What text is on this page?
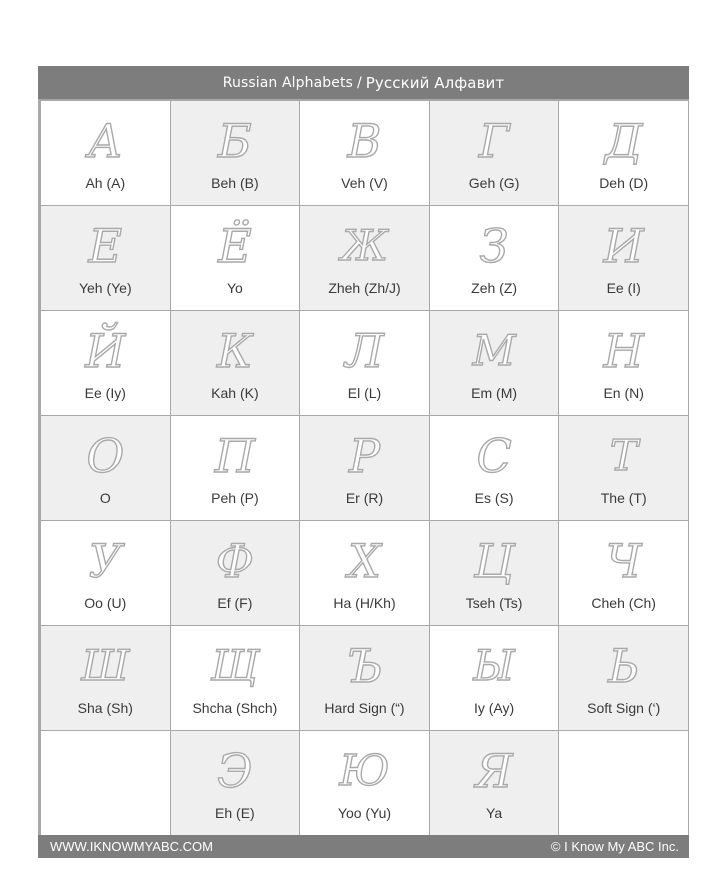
Russian Alphabets / Русский Алфавит
А
Ah (A)
Б
Beh (B)
В
Veh (V)
Г
Geh (G)
Д
Deh (D)
Е
Yeh (Ye)
Ё
Yo
Ж
Zheh (Zh/J)
З
Zeh (Z)
И
Ee (I)
Й
Ee (Iy)
К
Kah (K)
Л
El (L)
М
Em (M)
Н
En (N)
О
O
П
Peh (P)
Р
Er (R)
С
Es (S)
Т
The (T)
У
Oo (U)
Ф
Ef (F)
Х
Ha (H/Kh)
Ц
Tseh (Ts)
Ч
Cheh (Ch)
Ш
Sha (Sh)
Щ
Shcha (Shch)
Ъ
Hard Sign (“)
Ы
Iy (Ay)
Ь
Soft Sign (‘)
Э
Eh (E)
Ю
Yoo (Yu)
Я
Ya
WWW.IKNOWMYABC.COM	© I Know My ABC Inc.
